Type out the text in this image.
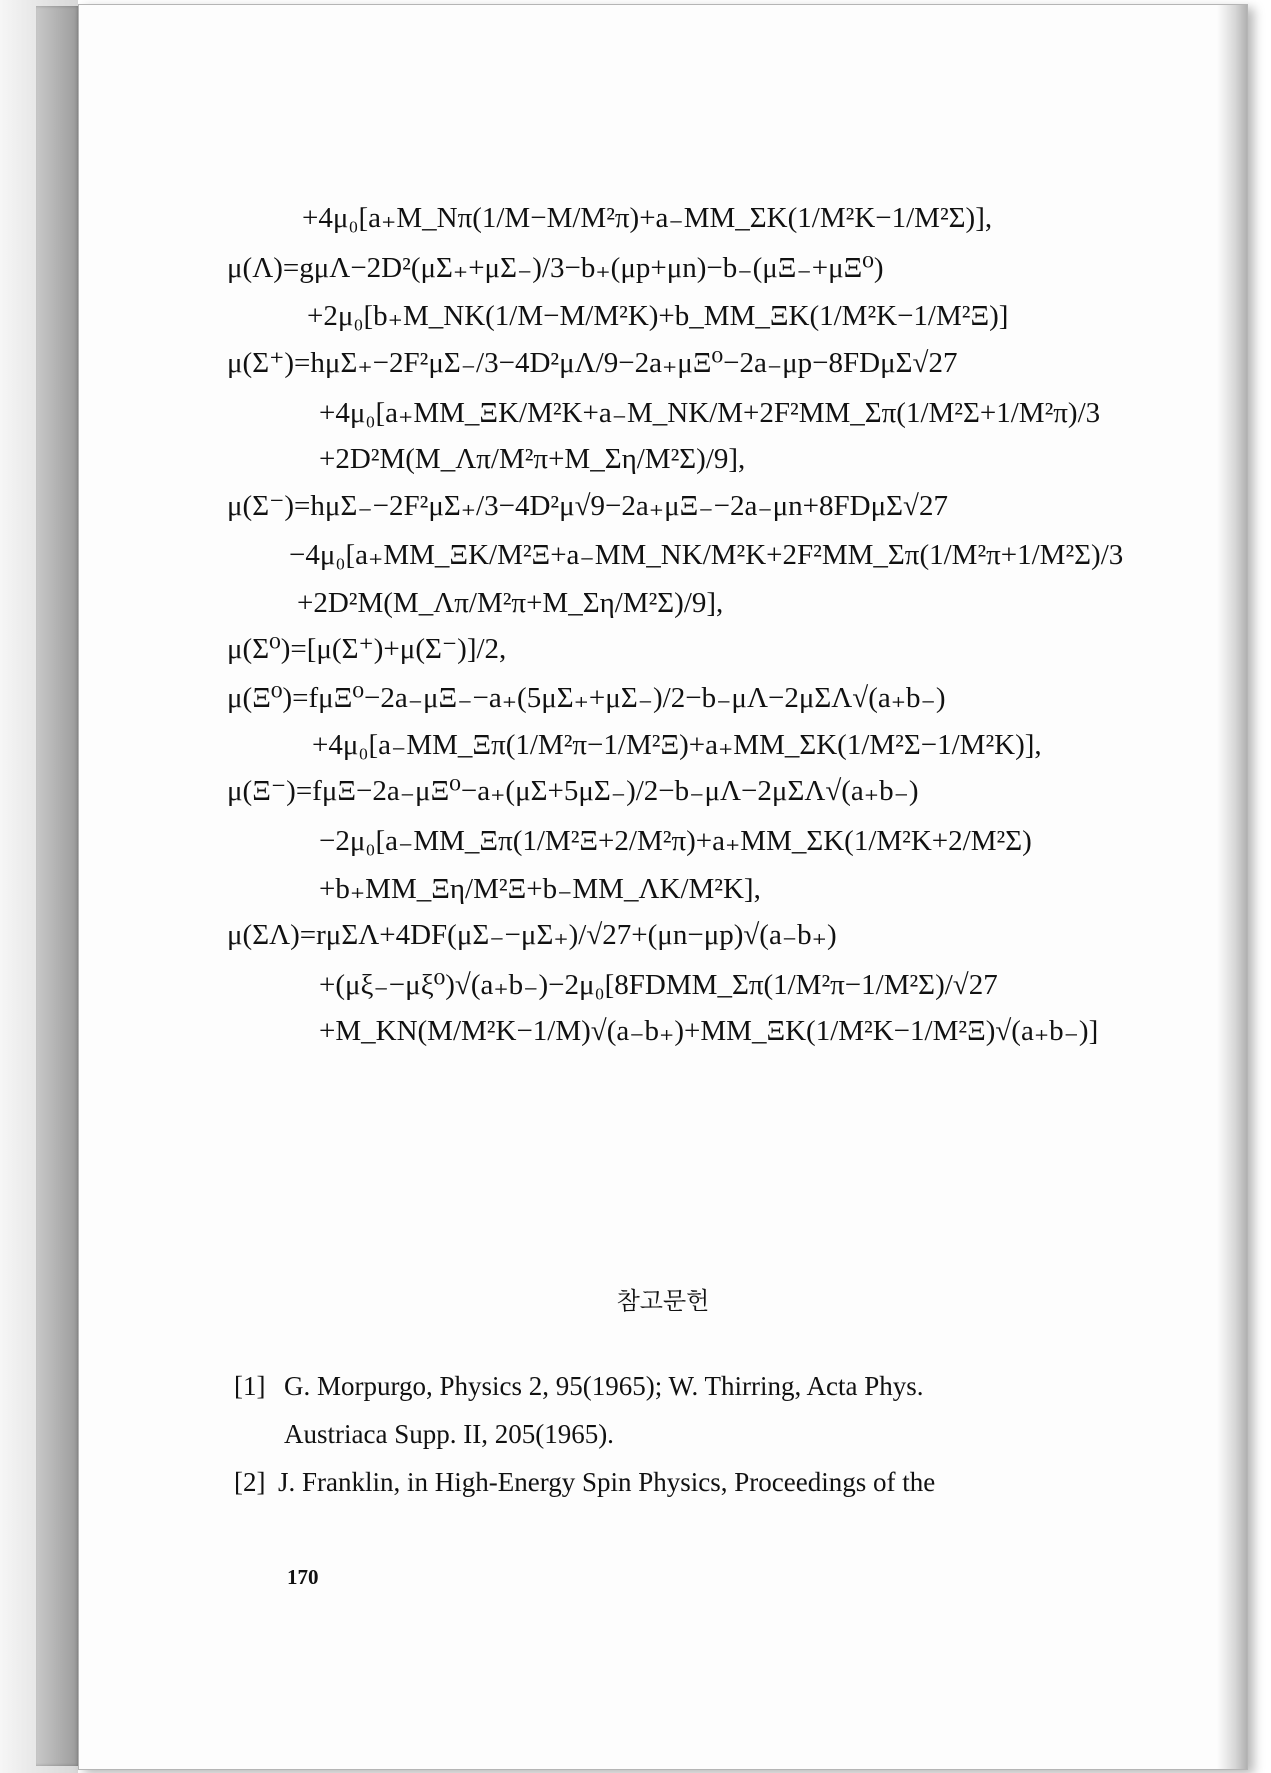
+4μ₀[a₊M_Nπ(1/M−M/M²π)+a₋MM_ΣK(1/M²K−1/M²Σ)],
μ(Λ)=gμΛ−2D²(μΣ₊+μΣ₋)/3−b₊(μp+μn)−b₋(μΞ₋+μΞ⁰)
+2μ₀[b₊M_NK(1/M−M/M²K)+b_MM_ΞK(1/M²K−1/M²Ξ)]
μ(Σ⁺)=hμΣ₊−2F²μΣ₋/3−4D²μΛ/9−2a₊μΞ⁰−2a₋μp−8FDμΣ√27
+4μ₀[a₊MM_ΞK/M²K+a₋M_NK/M+2F²MM_Σπ(1/M²Σ+1/M²π)/3
+2D²M(M_Λπ/M²π+M_Ση/M²Σ)/9],
μ(Σ⁻)=hμΣ₋−2F²μΣ₊/3−4D²μ√9−2a₊μΞ₋−2a₋μn+8FDμΣ√27
−4μ₀[a₊MM_ΞK/M²Ξ+a₋MM_NK/M²K+2F²MM_Σπ(1/M²π+1/M²Σ)/3
+2D²M(M_Λπ/M²π+M_Ση/M²Σ)/9],
μ(Σ⁰)=[μ(Σ⁺)+μ(Σ⁻)]/2,
μ(Ξ⁰)=fμΞ⁰−2a₋μΞ₋−a₊(5μΣ₊+μΣ₋)/2−b₋μΛ−2μΣΛ√(a₊b₋)
+4μ₀[a₋MM_Ξπ(1/M²π−1/M²Ξ)+a₊MM_ΣK(1/M²Σ−1/M²K)],
μ(Ξ⁻)=fμΞ−2a₋μΞ⁰−a₊(μΣ+5μΣ₋)/2−b₋μΛ−2μΣΛ√(a₊b₋)
−2μ₀[a₋MM_Ξπ(1/M²Ξ+2/M²π)+a₊MM_ΣK(1/M²K+2/M²Σ)
+b₊MM_Ξη/M²Ξ+b₋MM_ΛK/M²K],
μ(ΣΛ)=rμΣΛ+4DF(μΣ₋−μΣ₊)/√27+(μn−μp)√(a₋b₊)
+(μξ₋−μξ⁰)√(a₊b₋)−2μ₀[8FDMM_Σπ(1/M²π−1/M²Σ)/√27
+M_KN(M/M²K−1/M)√(a₋b₊)+MM_ΞK(1/M²K−1/M²Ξ)√(a₊b₋)]
참고문헌
[1] G. Morpurgo, Physics 2, 95(1965); W. Thirring, Acta Phys.
Austriaca Supp. II, 205(1965).
[2] J. Franklin, in High-Energy Spin Physics, Proceedings of the
170
